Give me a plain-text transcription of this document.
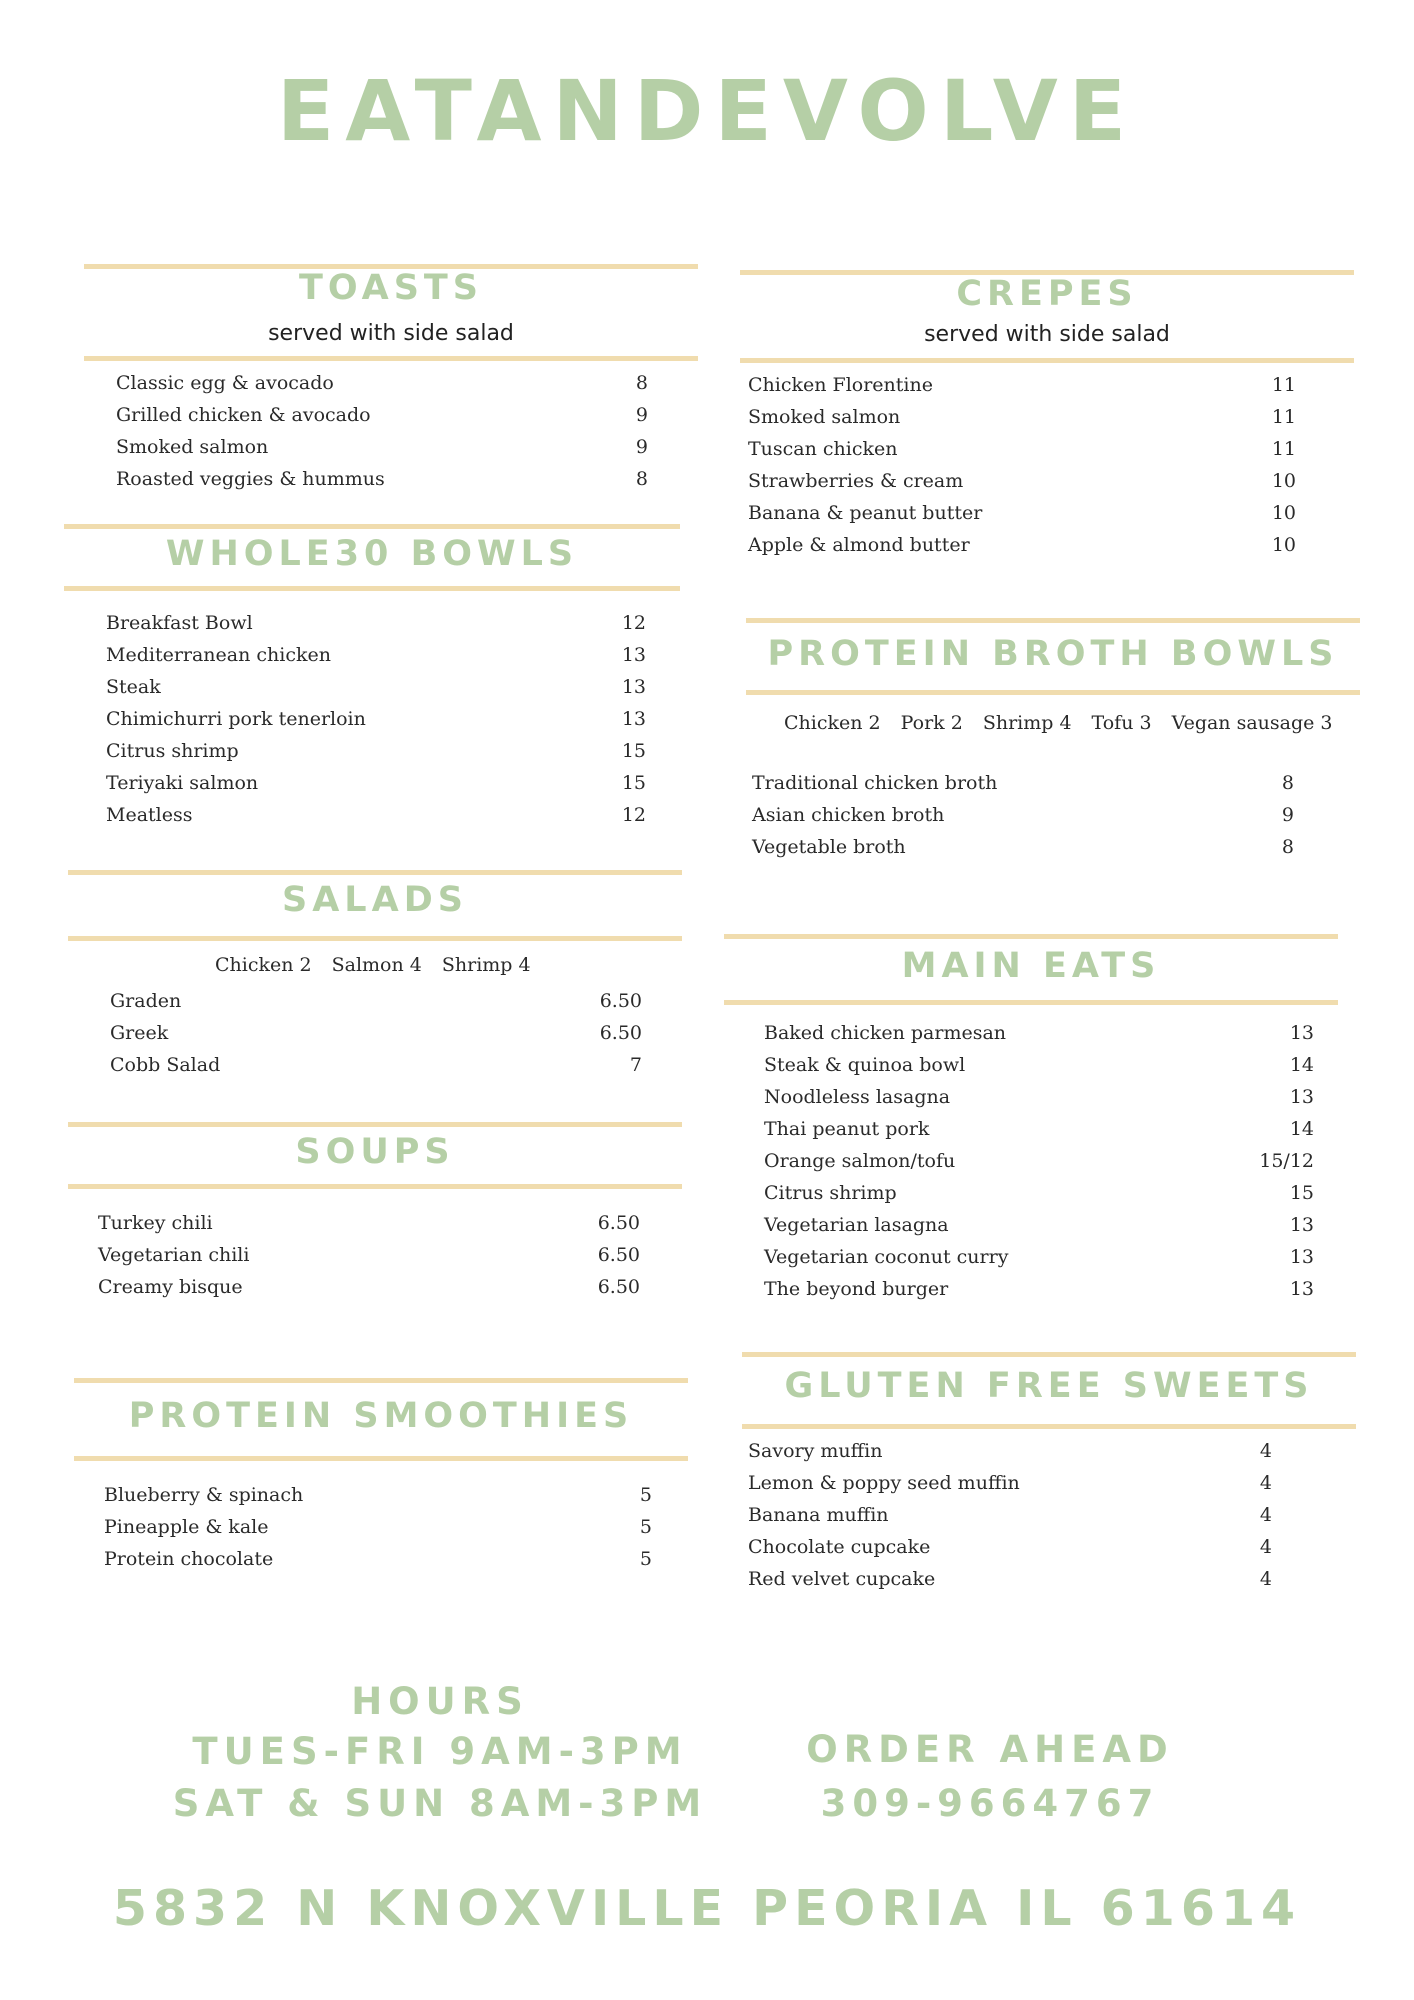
EATANDEVOLVE
TOASTS
served with side salad
Classic egg & avocado	8
Grilled chicken & avocado	9
Smoked salmon	9
Roasted veggies & hummus	8
WHOLE30 BOWLS
Breakfast Bowl	12
Mediterranean chicken	13
Steak	13
Chimichurri pork tenerloin	13
Citrus shrimp	15
Teriyaki salmon	15
Meatless	12
SALADS
Chicken 2 Salmon 4 Shrimp 4
Graden	6.50
Greek	6.50
Cobb Salad	7
SOUPS
Turkey chili	6.50
Vegetarian chili	6.50
Creamy bisque	6.50
PROTEIN SMOOTHIES
Blueberry & spinach	5
Pineapple & kale	5
Protein chocolate	5
CREPES
served with side salad
Chicken Florentine	11
Smoked salmon	11
Tuscan chicken	11
Strawberries & cream	10
Banana & peanut butter	10
Apple & almond butter	10
PROTEIN BROTH BOWLS
Chicken 2 Pork 2 Shrimp 4 Tofu 3 Vegan sausage 3
Traditional chicken broth	8
Asian chicken broth	9
Vegetable broth	8
MAIN EATS
Baked chicken parmesan	13
Steak & quinoa bowl	14
Noodleless lasagna	13
Thai peanut pork	14
Orange salmon/tofu	15/12
Citrus shrimp	15
Vegetarian lasagna	13
Vegetarian coconut curry	13
The beyond burger	13
GLUTEN FREE SWEETS
Savory muffin	4
Lemon & poppy seed muffin	4
Banana muffin	4
Chocolate cupcake	4
Red velvet cupcake	4
HOURS
TUES-FRI 9AM-3PM
SAT & SUN 8AM-3PM
ORDER AHEAD
309-9664767
5832 N KNOXVILLE PEORIA IL 61614
